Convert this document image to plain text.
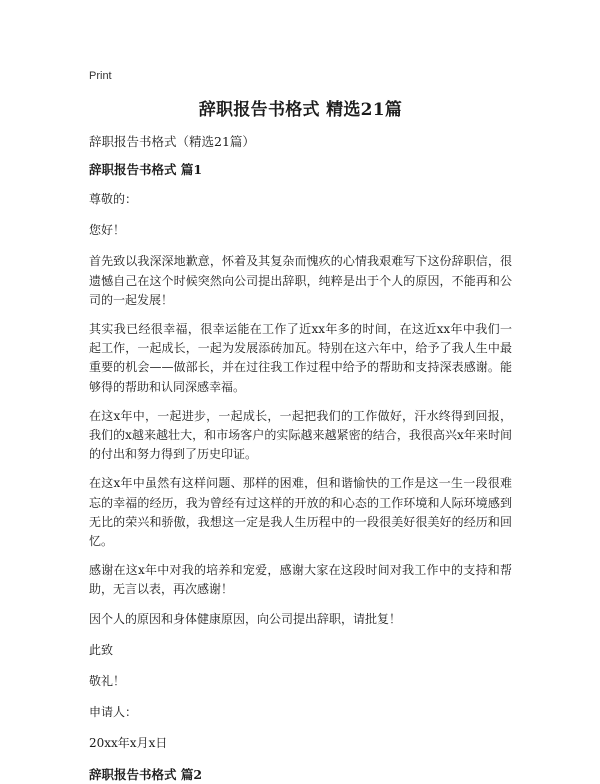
Print
辞职报告书格式 精选21篇

辞职报告书格式（精选21篇）

辞职报告书格式 篇1

尊敬的：

您好！

首先致以我深深地歉意，怀着及其复杂而愧疚的心情我艰难写下这份辞职信，很遗憾自己在这个时候突然向公司提出辞职，纯粹是出于个人的原因，不能再和公司的一起发展！

其实我已经很幸福，很幸运能在工作了近xx年多的时间，在这近xx年中我们一起工作，一起成长，一起为发展添砖加瓦。特别在这六年中，给予了我人生中最重要的机会——做部长，并在过往我工作过程中给予的帮助和支持深表感谢。能够得的帮助和认同深感幸福。

在这x年中，一起进步，一起成长，一起把我们的工作做好，汗水终得到回报，我们的x越来越壮大，和市场客户的实际越来越紧密的结合，我很高兴x年来时间的付出和努力得到了历史印证。

在这x年中虽然有这样问题、那样的困难，但和谐愉快的工作是这一生一段很难忘的幸福的经历，我为曾经有过这样的开放的和心态的工作环境和人际环境感到无比的荣兴和骄傲，我想这一定是我人生历程中的一段很美好很美好的经历和回忆。

感谢在这x年中对我的培养和宠爱，感谢大家在这段时间对我工作中的支持和帮助，无言以表，再次感谢！

因个人的原因和身体健康原因，向公司提出辞职，请批复！

此致

敬礼！

申请人：

20xx年x月x日

辞职报告书格式 篇2
